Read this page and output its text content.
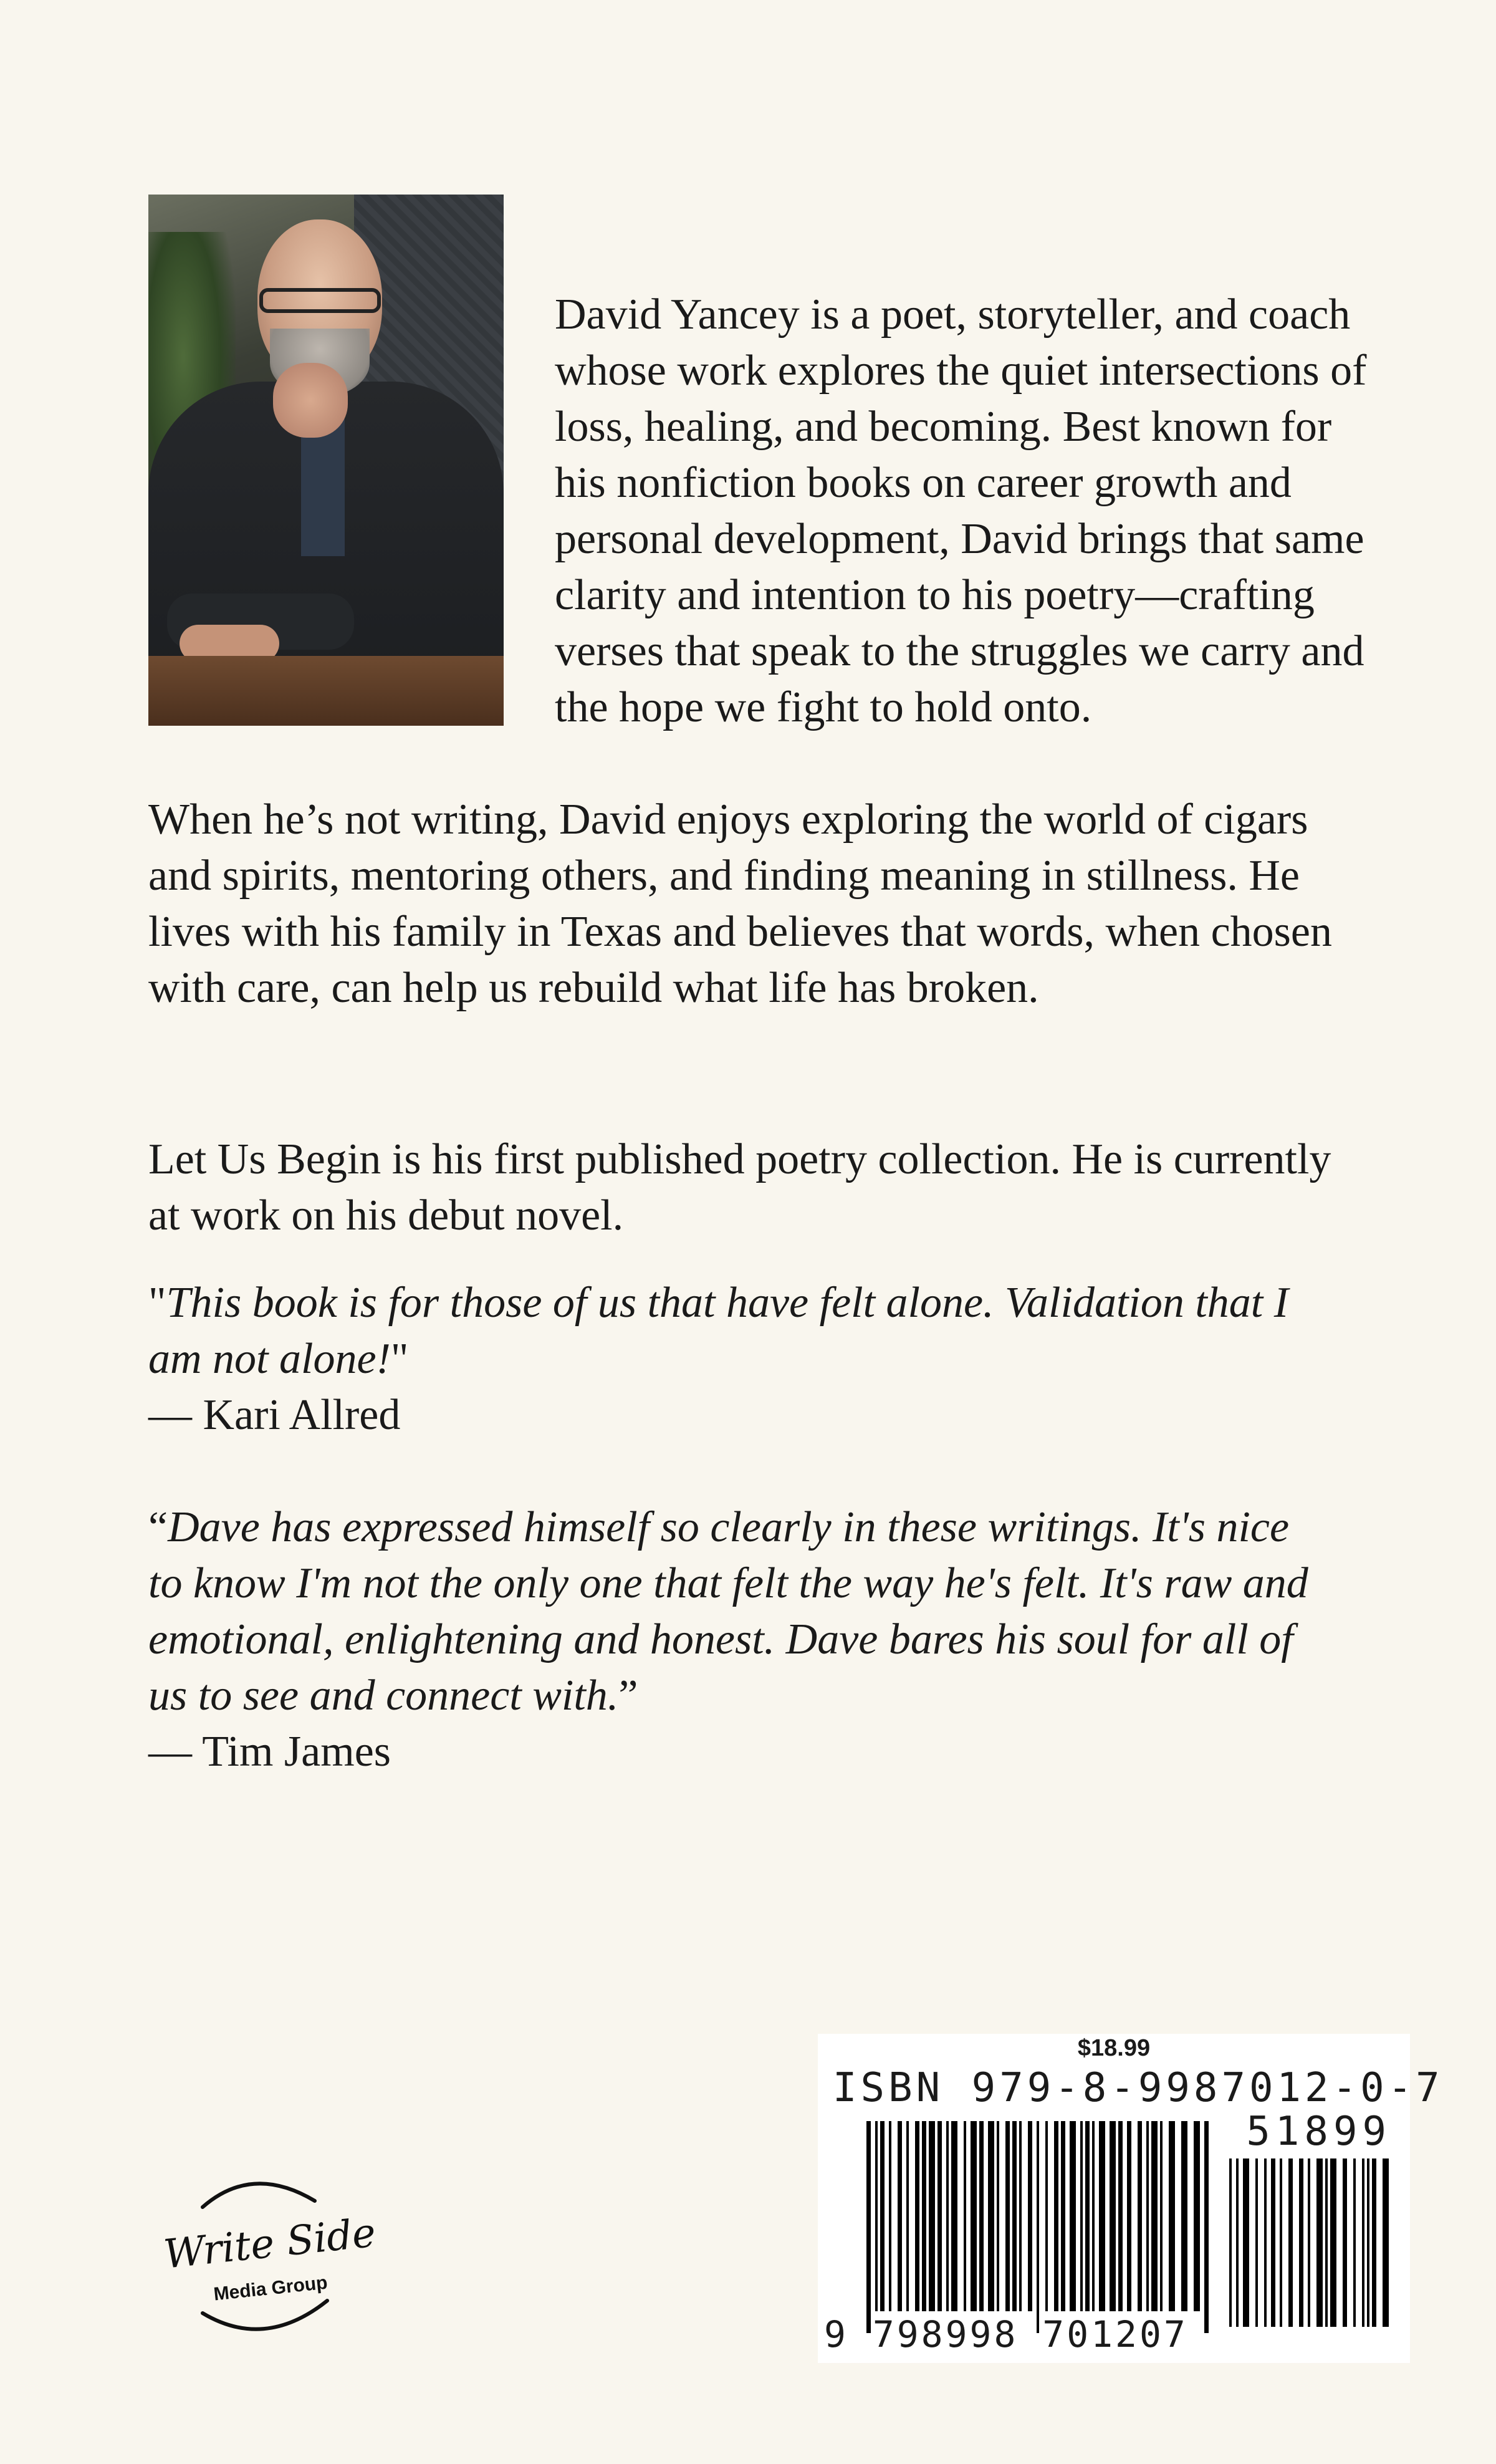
David Yancey is a poet, storyteller, and coach whose work explores the quiet intersections of loss, healing, and becoming. Best known for his nonfiction books on career growth and personal development, David brings that same clarity and intention to his poetry—crafting verses that speak to the struggles we carry and the hope we fight to hold onto.

When he’s not writing, David enjoys exploring the world of cigars and spirits, mentoring others, and finding meaning in stillness. He lives with his family in Texas and believes that words, when chosen with care, can help us rebuild what life has broken.

Let Us Begin is his first published poetry collection. He is currently at work on his debut novel.

"This book is for those of us that have felt alone. Validation that I am not alone!"
— Kari Allred

“Dave has expressed himself so clearly in these writings. It's nice to know I'm not the only one that felt the way he's felt. It's raw and emotional, enlightening and honest. Dave bares his soul for all of us to see and connect with.”
— Tim James

Write Side
Media Group
$18.99
ISBN 979-8-9987012-0-7
51899
9 798998 701207
